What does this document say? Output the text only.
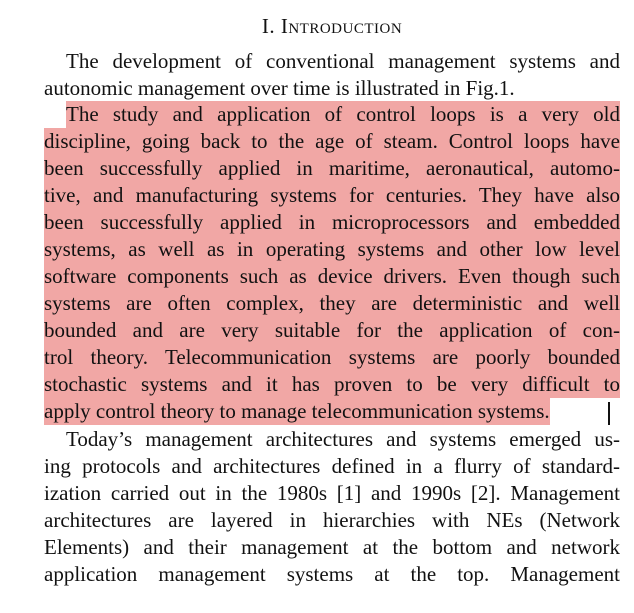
I. Introduction
The development of conventional management systems and
autonomic management over time is illustrated in Fig.1.
The study and application of control loops is a very old
discipline, going back to the age of steam. Control loops have
been successfully applied in maritime, aeronautical, automo-
tive, and manufacturing systems for centuries. They have also
been successfully applied in microprocessors and embedded
systems, as well as in operating systems and other low level
software components such as device drivers. Even though such
systems are often complex, they are deterministic and well
bounded and are very suitable for the application of con-
trol theory. Telecommunication systems are poorly bounded
stochastic systems and it has proven to be very difficult to
apply control theory to manage telecommunication systems.
Today’s management architectures and systems emerged us-
ing protocols and architectures defined in a flurry of standard-
ization carried out in the 1980s [1] and 1990s [2]. Management
architectures are layered in hierarchies with NEs (Network
Elements) and their management at the bottom and network
application management systems at the top. Management
